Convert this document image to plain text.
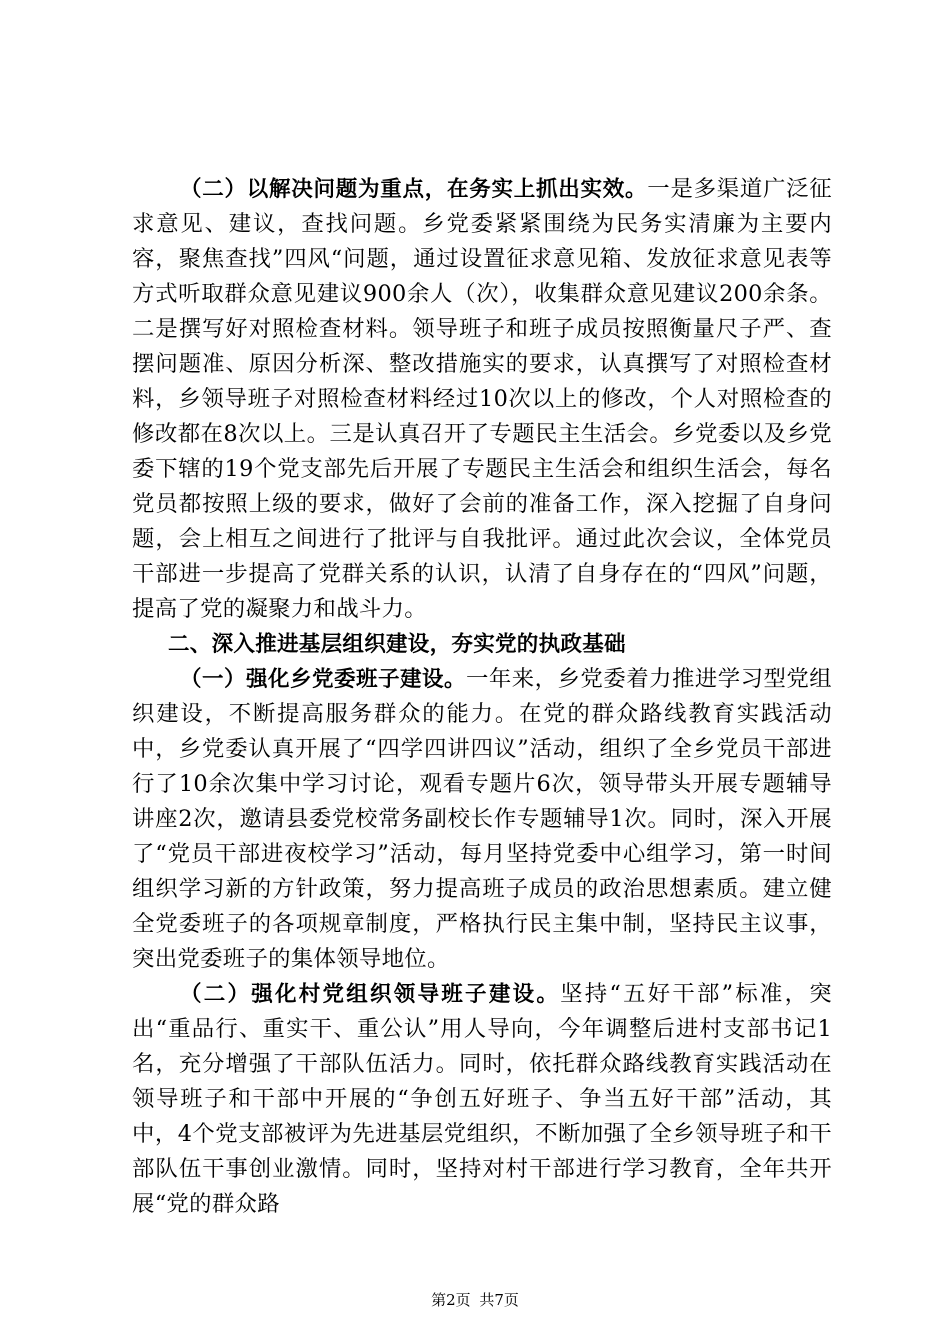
（二）以解决问题为重点，在务实上抓出实效。一是多渠道广泛征求意见、建议，查找问题。乡党委紧紧围绕为民务实清廉为主要内容，聚焦查找”四风“问题，通过设置征求意见箱、发放征求意见表等方式听取群众意见建议900余人（次），收集群众意见建议200余条。二是撰写好对照检查材料。领导班子和班子成员按照衡量尺子严、查摆问题准、原因分析深、整改措施实的要求，认真撰写了对照检查材料，乡领导班子对照检查材料经过10次以上的修改，个人对照检查的修改都在8次以上。三是认真召开了专题民主生活会。乡党委以及乡党委下辖的19个党支部先后开展了专题民主生活会和组织生活会，每名党员都按照上级的要求，做好了会前的准备工作，深入挖掘了自身问题，会上相互之间进行了批评与自我批评。通过此次会议，全体党员干部进一步提高了党群关系的认识，认清了自身存在的“四风”问题，提高了党的凝聚力和战斗力。

二、深入推进基层组织建设，夯实党的执政基础

（一）强化乡党委班子建设。一年来，乡党委着力推进学习型党组织建设，不断提高服务群众的能力。在党的群众路线教育实践活动中，乡党委认真开展了“四学四讲四议”活动，组织了全乡党员干部进行了10余次集中学习讨论，观看专题片6次，领导带头开展专题辅导讲座2次，邀请县委党校常务副校长作专题辅导1次。同时，深入开展了“党员干部进夜校学习”活动，每月坚持党委中心组学习，第一时间组织学习新的方针政策，努力提高班子成员的政治思想素质。建立健全党委班子的各项规章制度，严格执行民主集中制，坚持民主议事，突出党委班子的集体领导地位。

（二）强化村党组织领导班子建设。坚持“五好干部”标准，突出“重品行、重实干、重公认”用人导向，今年调整后进村支部书记1名，充分增强了干部队伍活力。同时，依托群众路线教育实践活动在领导班子和干部中开展的“争创五好班子、争当五好干部”活动，其中，4个党支部被评为先进基层党组织，不断加强了全乡领导班子和干部队伍干事创业激情。同时，坚持对村干部进行学习教育，全年共开展“党的群众路

第2页 共7页
